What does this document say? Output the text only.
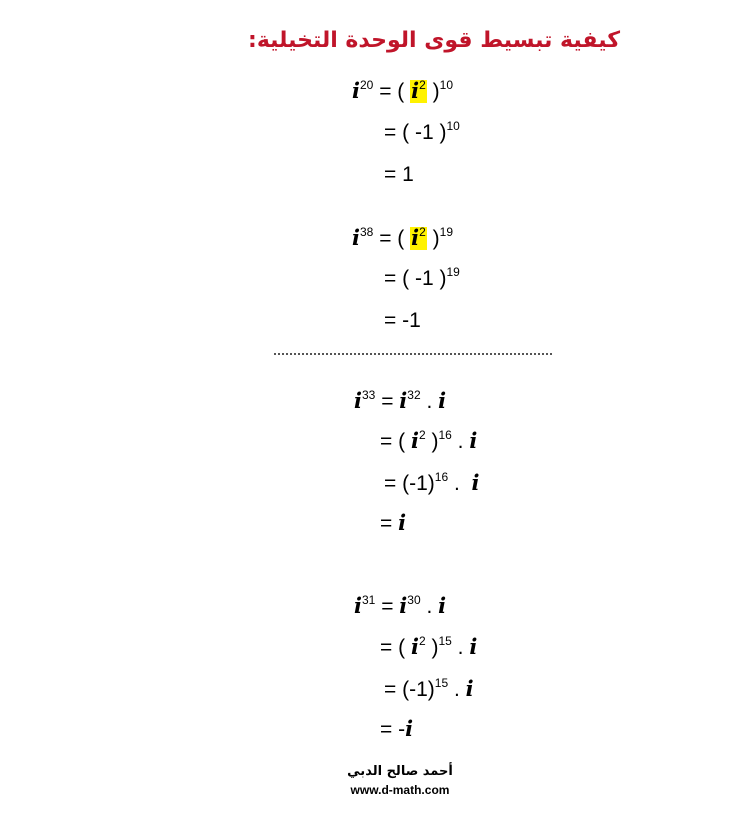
كيفية تبسيط قوى الوحدة التخيلية:
$i^{20}$ = ( $i^2$ )$^{10}$
= ( -1 )$^{10}$
= 1
$i^{38}$ = ( $i^2$ )$^{19}$
= ( -1 )$^{19}$
= -1
$i^{33} = i^{32}$ . i
= ( $i^2$ )$^{16}$ . i
= $(-1)^{16}$ . i
= i
$i^{31} = i^{30}$ . i
= ( $i^2$ )$^{15}$ . i
= $(-1)^{15}$ . i
= -i
أحمد صالح الدبي
www.d-math.com
